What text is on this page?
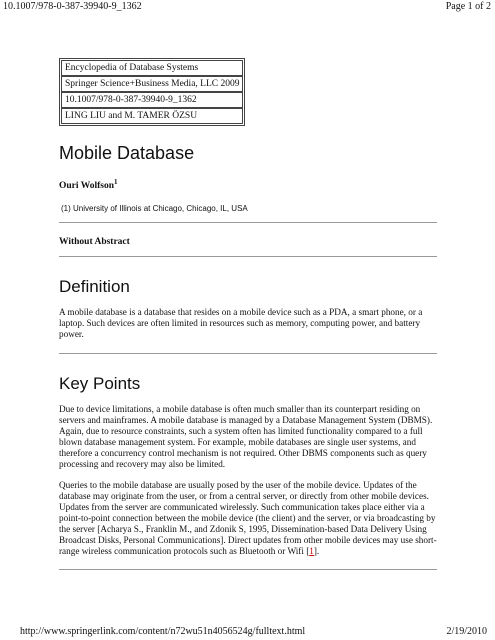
10.1007/978-0-387-39940-9_1362	Page 1 of 2
Encyclopedia of Database Systems
Springer Science+Business Media, LLC 2009
10.1007/978-0-387-39940-9_1362
LING LIU and M. TAMER ÖZSU
Mobile Database
Ouri Wolfson$^1$
(1) University of Illinois at Chicago, Chicago, IL, USA
Without Abstract
Definition

A mobile database is a database that resides on a mobile device such as a PDA, a smart phone, or a laptop. Such devices are often limited in resources such as memory, computing power, and battery power.

Key Points

Due to device limitations, a mobile database is often much smaller than its counterpart residing on servers and mainframes. A mobile database is managed by a Database Management System (DBMS). Again, due to resource constraints, such a system often has limited functionality compared to a full blown database management system. For example, mobile databases are single user systems, and therefore a concurrency control mechanism is not required. Other DBMS components such as query processing and recovery may also be limited.

Queries to the mobile database are usually posed by the user of the mobile device. Updates of the database may originate from the user, or from a central server, or directly from other mobile devices. Updates from the server are communicated wirelessly. Such communication takes place either via a point-to-point connection between the mobile device (the client) and the server, or via broadcasting by the server [Acharya S., Franklin M., and Zdonik S, 1995, Dissemination-based Data Delivery Using Broadcast Disks, Personal Communications]. Direct updates from other mobile devices may use short-range wireless communication protocols such as Bluetooth or Wifi [1].

http://www.springerlink.com/content/n72wu51n4056524g/fulltext.html	2/19/2010
